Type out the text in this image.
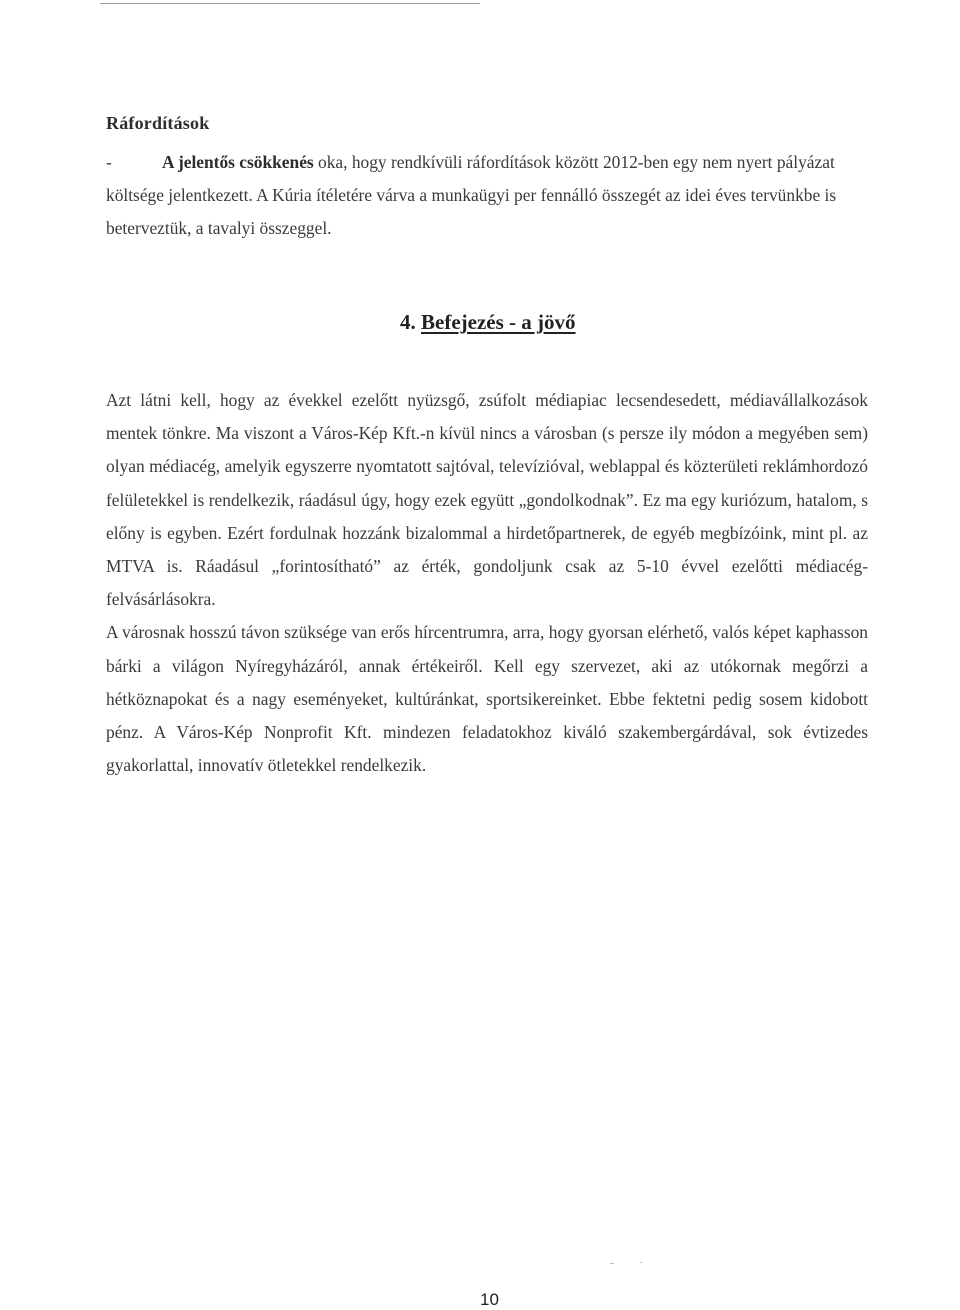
Ráfordítások

-	A jelentős csökkenés oka, hogy rendkívüli ráfordítások között 2012-ben egy nem nyert pályázat költsége jelentkezett. A Kúria ítéletére várva a munkaügyi per fennálló összegét az idei éves tervünkbe is beterveztük, a tavalyi összeggel.

4. Befejezés - a jövő

Azt látni kell, hogy az évekkel ezelőtt nyüzsgő, zsúfolt médiapiac lecsendesedett, médiavállalkozások mentek tönkre. Ma viszont a Város-Kép Kft.-n kívül nincs a városban (s persze ily módon a megyében sem) olyan médiacég, amelyik egyszerre nyomtatott sajtóval, televízióval, weblappal és közterületi reklámhordozó felületekkel is rendelkezik, ráadásul úgy, hogy ezek együtt „gondolkodnak”. Ez ma egy kuriózum, hatalom, s előny is egyben. Ezért fordulnak hozzánk bizalommal a hirdetőpartnerek, de egyéb megbízóink, mint pl. az MTVA is. Ráadásul „forintosítható” az érték, gondoljunk csak az 5-10 évvel ezelőtti médiacég-felvásárlásokra.

A városnak hosszú távon szüksége van erős hírcentrumra, arra, hogy gyorsan elérhető, valós képet kaphasson bárki a világon Nyíregyházáról, annak értékeiről. Kell egy szervezet, aki az utókornak megőrzi a hétköznapokat és a nagy eseményeket, kultúránkat, sportsikereinket. Ebbe fektetni pedig sosem kidobott pénz. A Város-Kép Nonprofit Kft. mindezen feladatokhoz kiváló szakembergárdával, sok évtizedes gyakorlattal, innovatív ötletekkel rendelkezik.

10
